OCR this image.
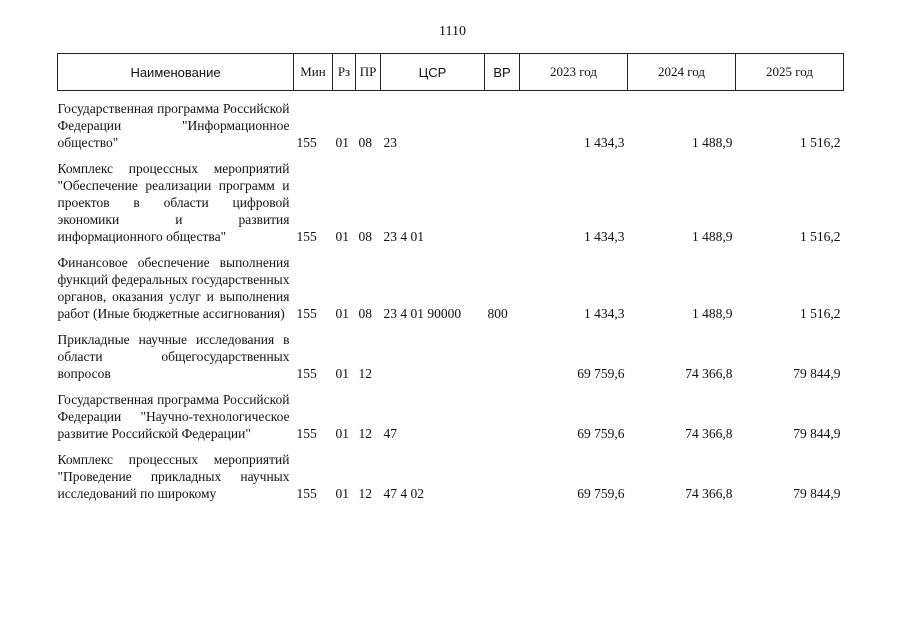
1110
Наименование	Мин	Рз	ПР	ЦСР	ВР	2023 год	2024 год	2025 год
Государственная программа Российской Федерации "Информационное общество"	155	01	08	23		1 434,3	1 488,9	1 516,2
Комплекс процессных мероприятий "Обеспечение реализации программ и проектов в области цифровой экономики и развития информационного общества"	155	01	08	23 4 01		1 434,3	1 488,9	1 516,2
Финансовое обеспечение выполнения функций федеральных государственных органов, оказания услуг и выполнения работ (Иные бюджетные ассигнования)	155	01	08	23 4 01 90000	800	1 434,3	1 488,9	1 516,2
Прикладные научные исследования в области общегосударственных вопросов	155	01	12			69 759,6	74 366,8	79 844,9
Государственная программа Российской Федерации "Научно-технологическое развитие Российской Федерации"	155	01	12	47		69 759,6	74 366,8	79 844,9
Комплекс процессных мероприятий "Проведение прикладных научных исследований по широкому	155	01	12	47 4 02		69 759,6	74 366,8	79 844,9
